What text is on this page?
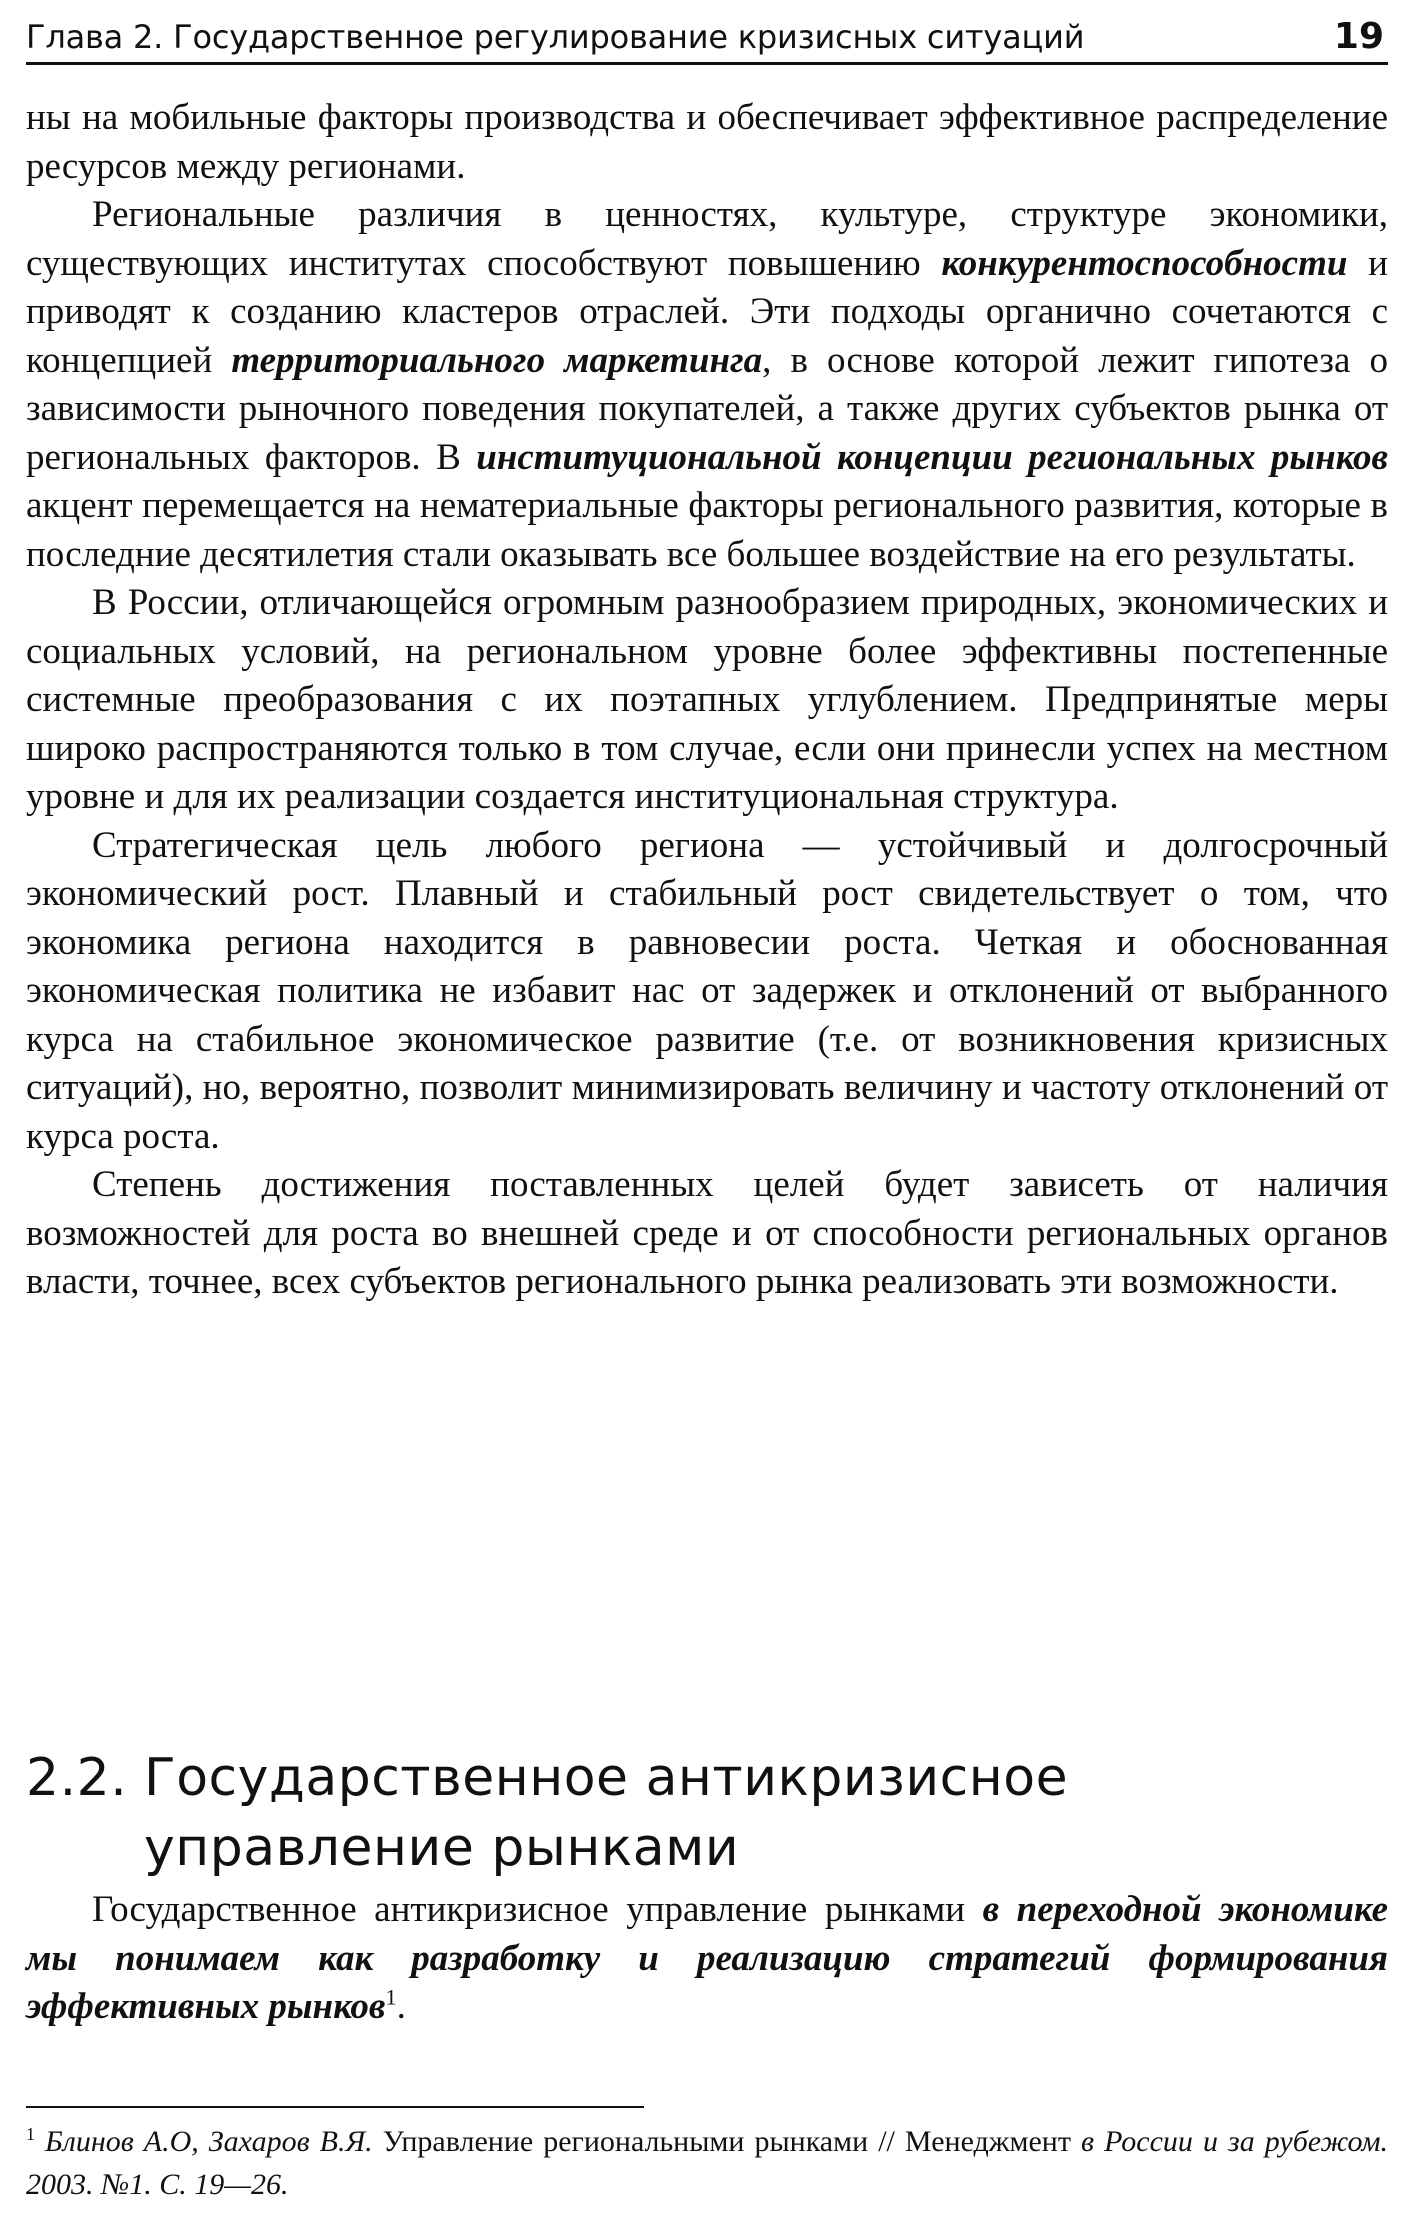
Глава 2. Государственное регулирование кризисных ситуаций	19

ны на мобильные факторы производства и обеспечивает эффективное распределение ресурсов между регионами.

Региональные различия в ценностях, культуре, структуре экономики, существующих институтах способствуют повышению конкурентоспособности и приводят к созданию кластеров отраслей. Эти подходы органично сочетаются с концепцией территориального маркетинга, в основе которой лежит гипотеза о зависимости рыночного поведения покупателей, а также других субъектов рынка от региональных факторов. В институциональной концепции региональных рынков акцент перемещается на нематериальные факторы регионального развития, которые в последние десятилетия стали оказывать все большее воздействие на его результаты.

В России, отличающейся огромным разнообразием природных, экономических и социальных условий, на региональном уровне более эффективны постепенные системные преобразования с их поэтапных углублением. Предпринятые меры широко распространяются только в том случае, если они принесли успех на местном уровне и для их реализации создается институциональная структура.

Стратегическая цель любого региона — устойчивый и долгосрочный экономический рост. Плавный и стабильный рост свидетельствует о том, что экономика региона находится в равновесии роста. Четкая и обоснованная экономическая политика не избавит нас от задержек и отклонений от выбранного курса на стабильное экономическое развитие (т.е. от возникновения кризисных ситуаций), но, вероятно, позволит минимизировать величину и частоту отклонений от курса роста.

Степень достижения поставленных целей будет зависеть от наличия возможностей для роста во внешней среде и от способности региональных органов власти, точнее, всех субъектов регионального рынка реализовать эти возможности.

2.2. Государственное антикризисное
управление рынками

Государственное антикризисное управление рынками в переходной экономике мы понимаем как разработку и реализацию стратегий формирования эффективных рынков$^1$.

$^1$ Блинов А.О, Захаров В.Я. Управление региональными рынками // Менеджмент в России и за рубежом. 2003. №1. С. 19—26.
